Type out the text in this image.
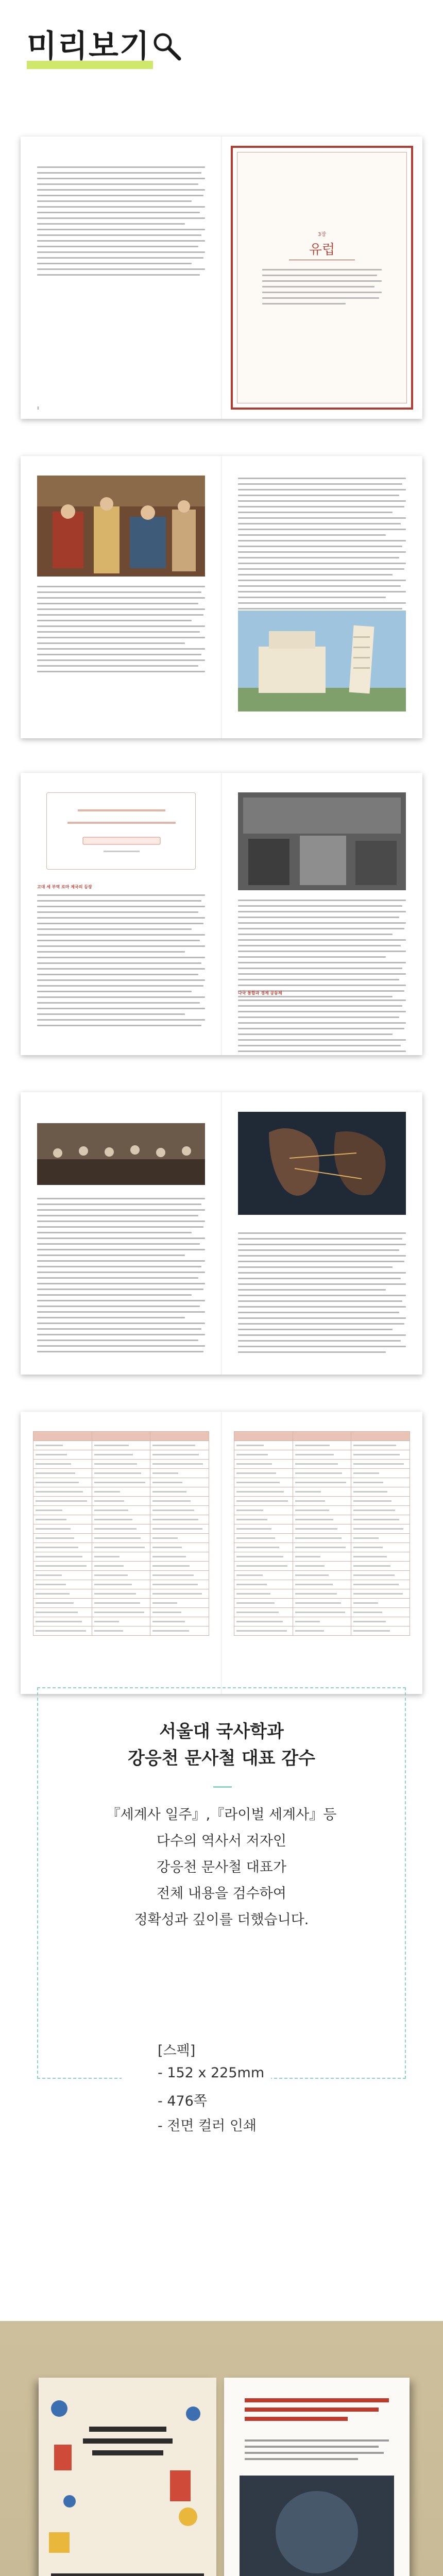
미리보기
Ⅱ
3장
유럽
고대 세 부역 로마 제국의 등장
다국 통합과 경제 공동체

서울대 국사학과
강응천 문사철 대표 감수
『세계사 일주』,『라이벌 세계사』등
다수의 역사서 저자인
강응천 문사철 대표가
전체 내용을 검수하여
정확성과 깊이를 더했습니다.
[스펙]
- 152 x 225mm
- 476쪽
- 전면 컬러 인쇄
